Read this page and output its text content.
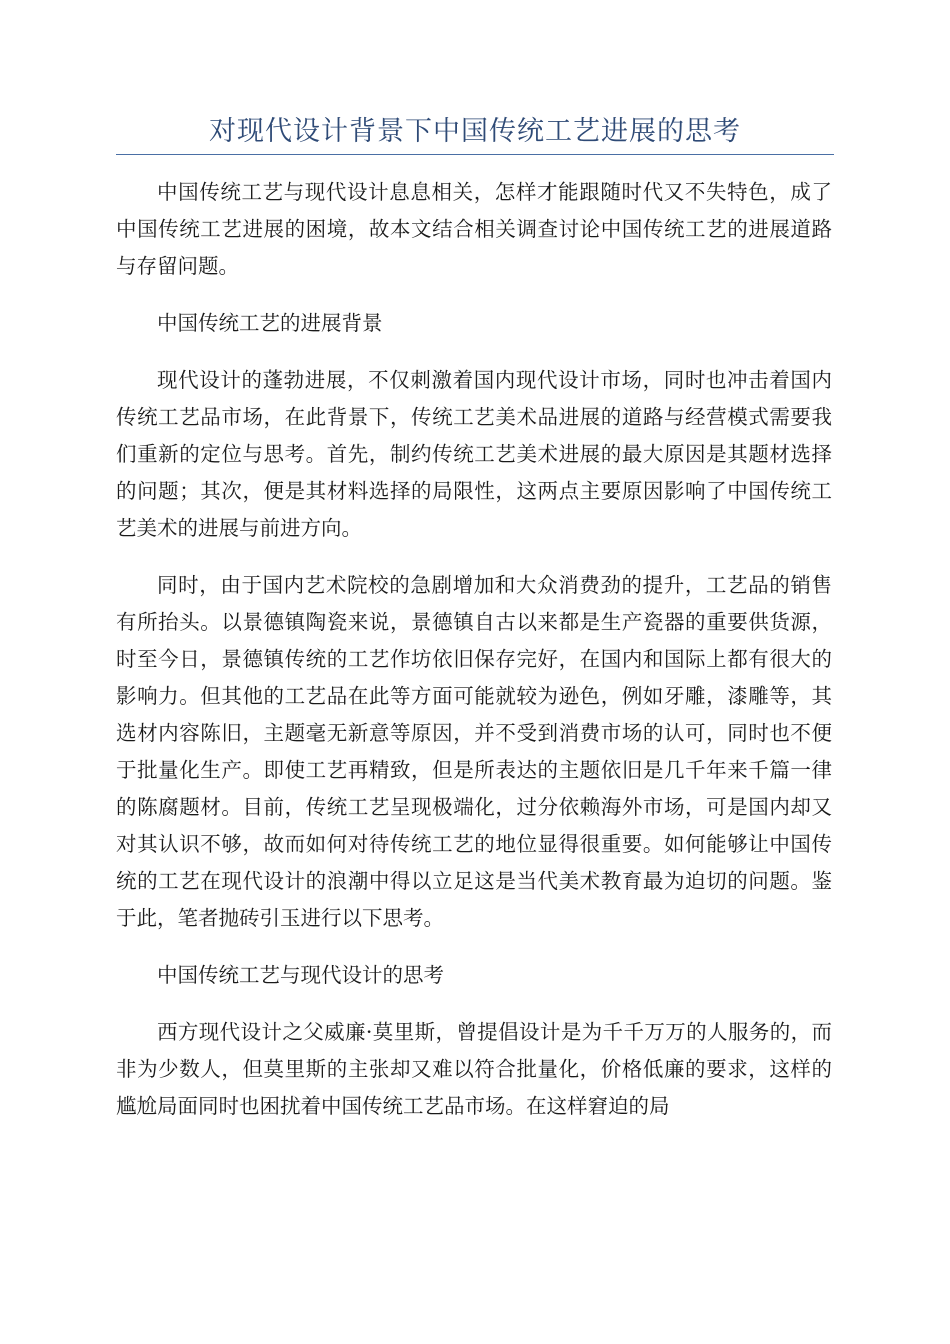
对现代设计背景下中国传统工艺进展的思考

中国传统工艺与现代设计息息相关，怎样才能跟随时代又不失特色，成了中国传统工艺进展的困境，故本文结合相关调查讨论中国传统工艺的进展道路与存留问题。

中国传统工艺的进展背景

现代设计的蓬勃进展，不仅刺激着国内现代设计市场，同时也冲击着国内传统工艺品市场，在此背景下，传统工艺美术品进展的道路与经营模式需要我们重新的定位与思考。首先，制约传统工艺美术进展的最大原因是其题材选择的问题；其次，便是其材料选择的局限性，这两点主要原因影响了中国传统工艺美术的进展与前进方向。

同时，由于国内艺术院校的急剧增加和大众消费劲的提升，工艺品的销售有所抬头。以景德镇陶瓷来说，景德镇自古以来都是生产瓷器的重要供货源，时至今日，景德镇传统的工艺作坊依旧保存完好，在国内和国际上都有很大的影响力。但其他的工艺品在此等方面可能就较为逊色，例如牙雕，漆雕等，其选材内容陈旧，主题毫无新意等原因，并不受到消费市场的认可，同时也不便于批量化生产。即使工艺再精致，但是所表达的主题依旧是几千年来千篇一律的陈腐题材。目前，传统工艺呈现极端化，过分依赖海外市场，可是国内却又对其认识不够，故而如何对待传统工艺的地位显得很重要。如何能够让中国传统的工艺在现代设计的浪潮中得以立足这是当代美术教育最为迫切的问题。鉴于此，笔者抛砖引玉进行以下思考。

中国传统工艺与现代设计的思考

西方现代设计之父威廉·莫里斯，曾提倡设计是为千千万万的人服务的，而非为少数人，但莫里斯的主张却又难以符合批量化，价格低廉的要求，这样的尴尬局面同时也困扰着中国传统工艺品市场。在这样窘迫的局
